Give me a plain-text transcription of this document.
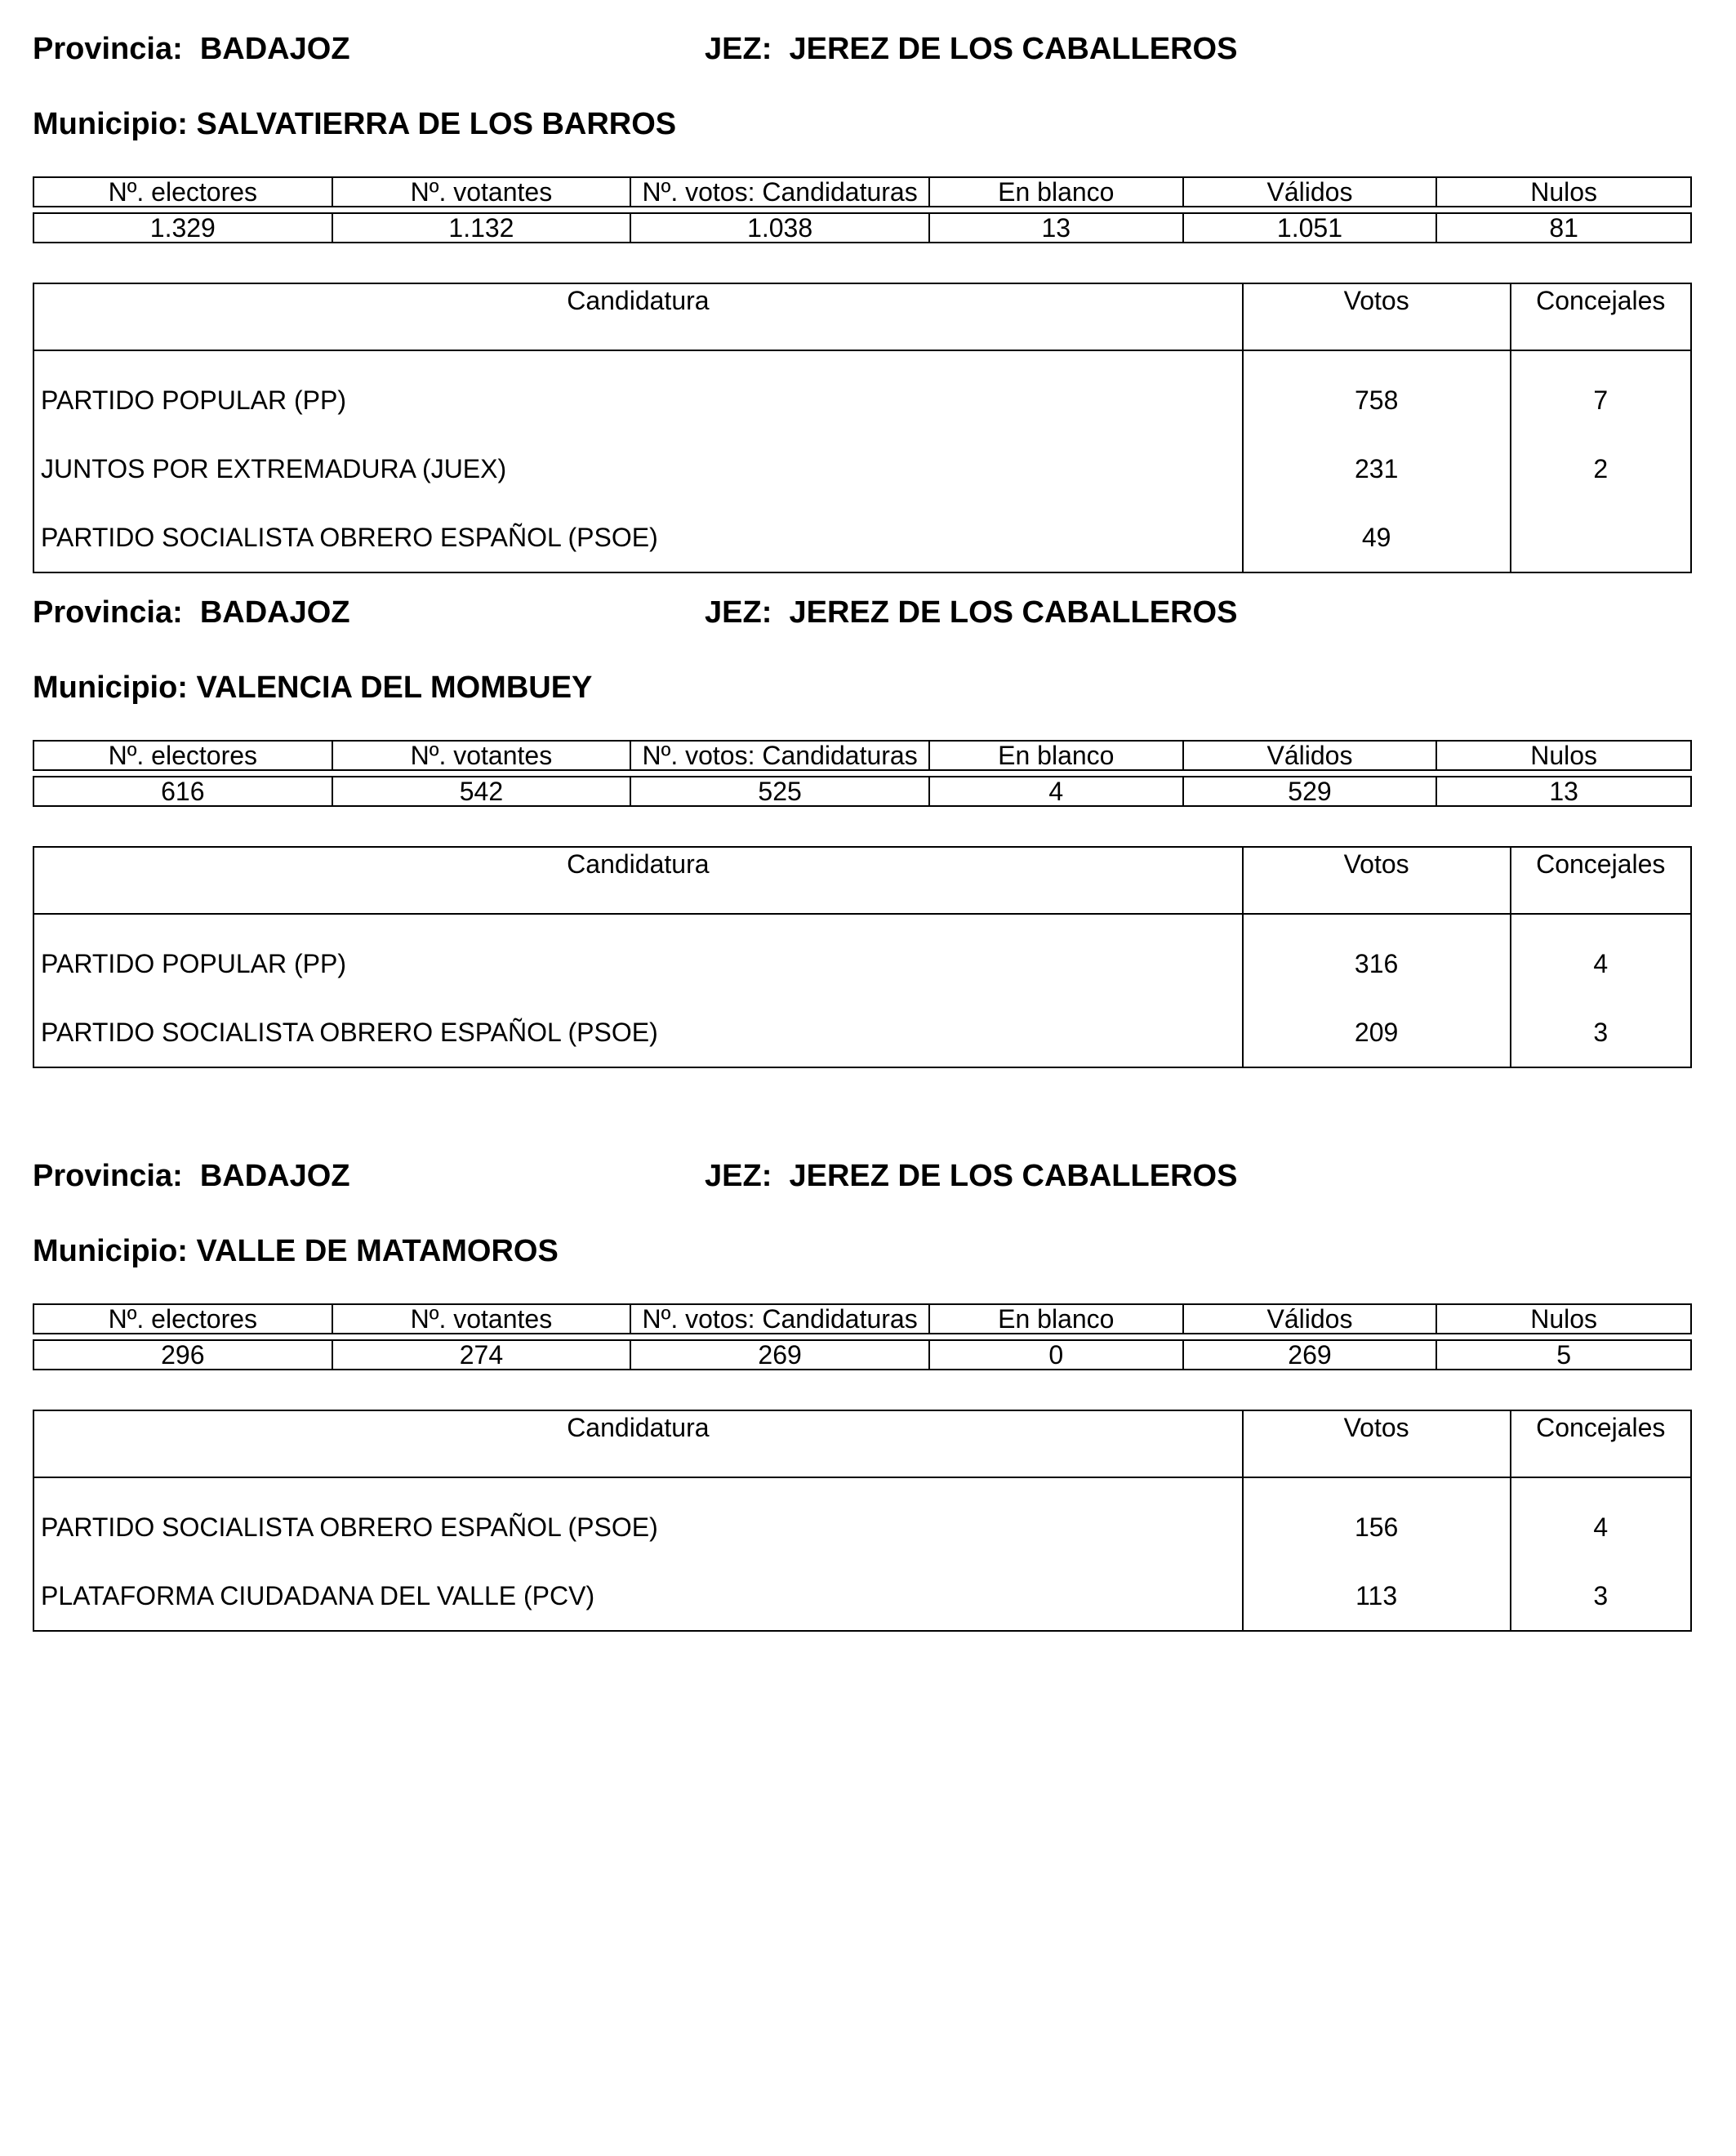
Provincia: BADAJOZ

	JEZ: JEREZ DE LOS CABALLEROS

Municipio: SALVATIERRA DE LOS BARROS
Nº. electores	Nº. votantes	Nº. votos: Candidaturas	En blanco	Válidos	Nulos

1.329	1.132	1.038	13	1.051	81
Candidatura	Votos	Concejales

PARTIDO POPULAR (PP)	758	7
JUNTOS POR EXTREMADURA (JUEX)	231	2
PARTIDO SOCIALISTA OBRERO ESPAÑOL (PSOE)	49	

Provincia: BADAJOZ

	JEZ: JEREZ DE LOS CABALLEROS

Municipio: VALENCIA DEL MOMBUEY
Nº. electores	Nº. votantes	Nº. votos: Candidaturas	En blanco	Válidos	Nulos

616	542	525	4	529	13
Candidatura	Votos	Concejales

PARTIDO POPULAR (PP)	316	4
PARTIDO SOCIALISTA OBRERO ESPAÑOL (PSOE)	209	3

Provincia: BADAJOZ

	JEZ: JEREZ DE LOS CABALLEROS

Municipio: VALLE DE MATAMOROS
Nº. electores	Nº. votantes	Nº. votos: Candidaturas	En blanco	Válidos	Nulos

296	274	269	0	269	5
Candidatura	Votos	Concejales

PARTIDO SOCIALISTA OBRERO ESPAÑOL (PSOE)	156	4
PLATAFORMA CIUDADANA DEL VALLE (PCV)	113	3
